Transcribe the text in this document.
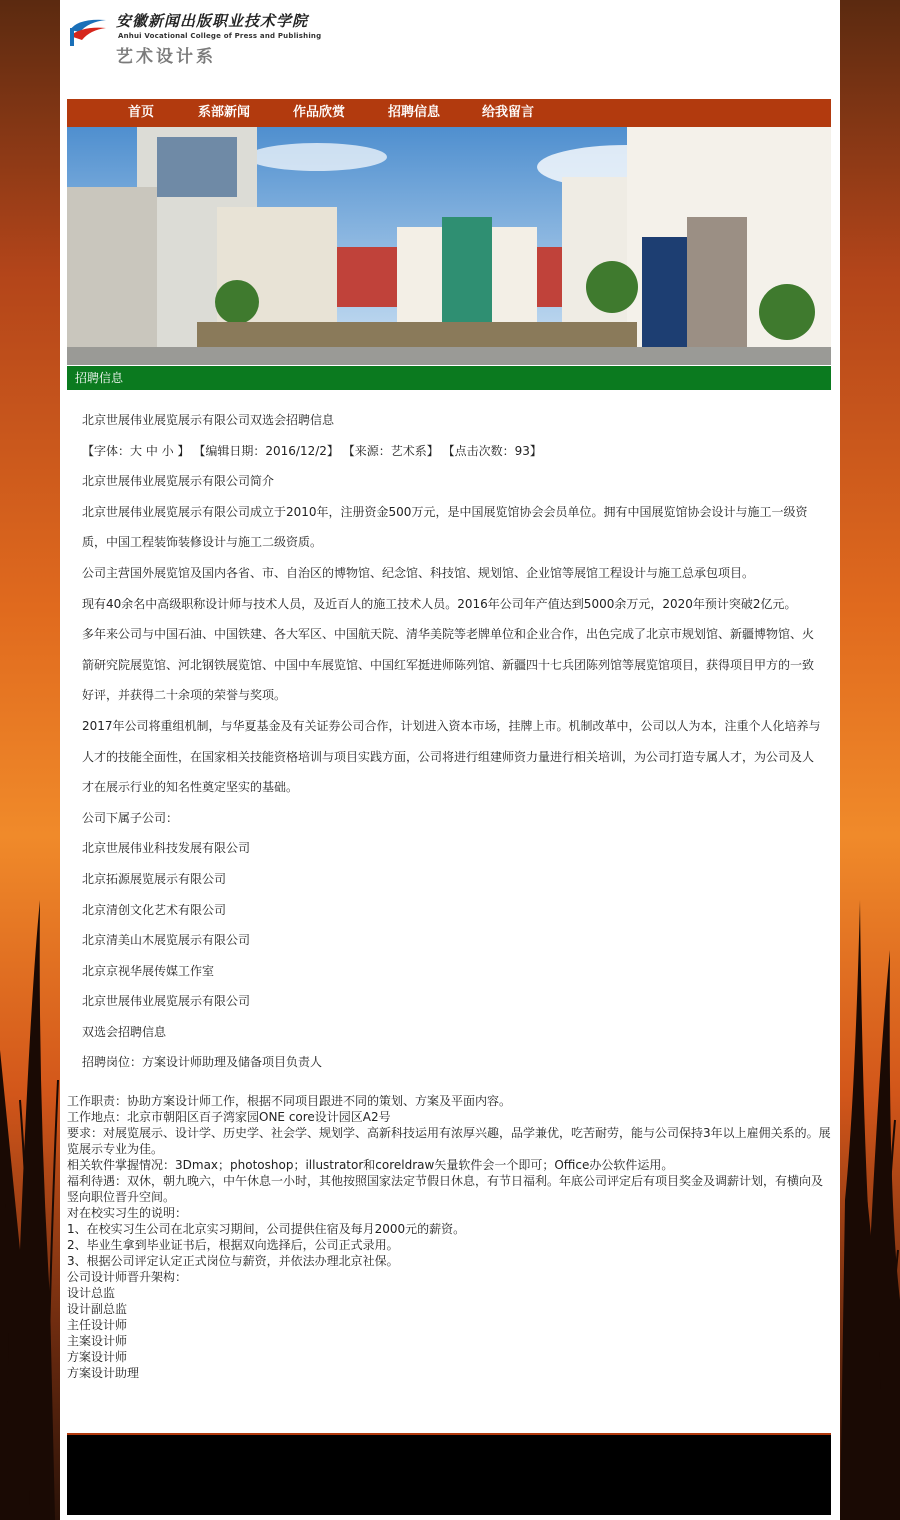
安徽新闻出版职业技术学院
Anhui Vocational College of Press and Publishing
艺术设计系
首页	系部新闻	作品欣赏	招聘信息	给我留言
招聘信息

北京世展伟业展览展示有限公司双选会招聘信息

【字体：大 中 小 】 【编辑日期：2016/12/2】 【来源：艺术系】 【点击次数：93】

北京世展伟业展览展示有限公司简介

北京世展伟业展览展示有限公司成立于2010年，注册资金500万元，是中国展览馆协会会员单位。拥有中国展览馆协会设计与施工一级资质，中国工程装饰装修设计与施工二级资质。

公司主营国外展览馆及国内各省、市、自治区的博物馆、纪念馆、科技馆、规划馆、企业馆等展馆工程设计与施工总承包项目。

现有40余名中高级职称设计师与技术人员，及近百人的施工技术人员。2016年公司年产值达到5000余万元，2020年预计突破2亿元。

多年来公司与中国石油、中国铁建、各大军区、中国航天院、清华美院等老牌单位和企业合作，出色完成了北京市规划馆、新疆博物馆、火箭研究院展览馆、河北钢铁展览馆、中国中车展览馆、中国红军挺进师陈列馆、新疆四十七兵团陈列馆等展览馆项目，获得项目甲方的一致好评，并获得二十余项的荣誉与奖项。

2017年公司将重组机制，与华夏基金及有关证券公司合作，计划进入资本市场，挂牌上市。机制改革中，公司以人为本，注重个人化培养与人才的技能全面性，在国家相关技能资格培训与项目实践方面，公司将进行组建师资力量进行相关培训，为公司打造专属人才，为公司及人才在展示行业的知名性奠定坚实的基础。

公司下属子公司：

北京世展伟业科技发展有限公司

北京拓源展览展示有限公司

北京清创文化艺术有限公司

北京清美山木展览展示有限公司

北京京视华展传媒工作室

北京世展伟业展览展示有限公司

双选会招聘信息

招聘岗位：方案设计师助理及储备项目负责人

工作职责：协助方案设计师工作，根据不同项目跟进不同的策划、方案及平面内容。
工作地点：北京市朝阳区百子湾家园ONE core设计园区A2号
要求：对展览展示、设计学、历史学、社会学、规划学、高新科技运用有浓厚兴趣，品学兼优，吃苦耐劳，能与公司保持3年以上雇佣关系的。展览展示专业为佳。
相关软件掌握情况：3Dmax；photoshop；illustrator和coreldraw矢量软件会一个即可；Office办公软件运用。
福利待遇：双休，朝九晚六，中午休息一小时，其他按照国家法定节假日休息，有节日福利。年底公司评定后有项目奖金及调薪计划，有横向及竖向职位晋升空间。
对在校实习生的说明：
1、在校实习生公司在北京实习期间，公司提供住宿及每月2000元的薪资。
2、毕业生拿到毕业证书后，根据双向选择后，公司正式录用。
3、根据公司评定认定正式岗位与薪资，并依法办理北京社保。
公司设计师晋升架构：
设计总监
设计副总监
主任设计师
主案设计师
方案设计师
方案设计助理
